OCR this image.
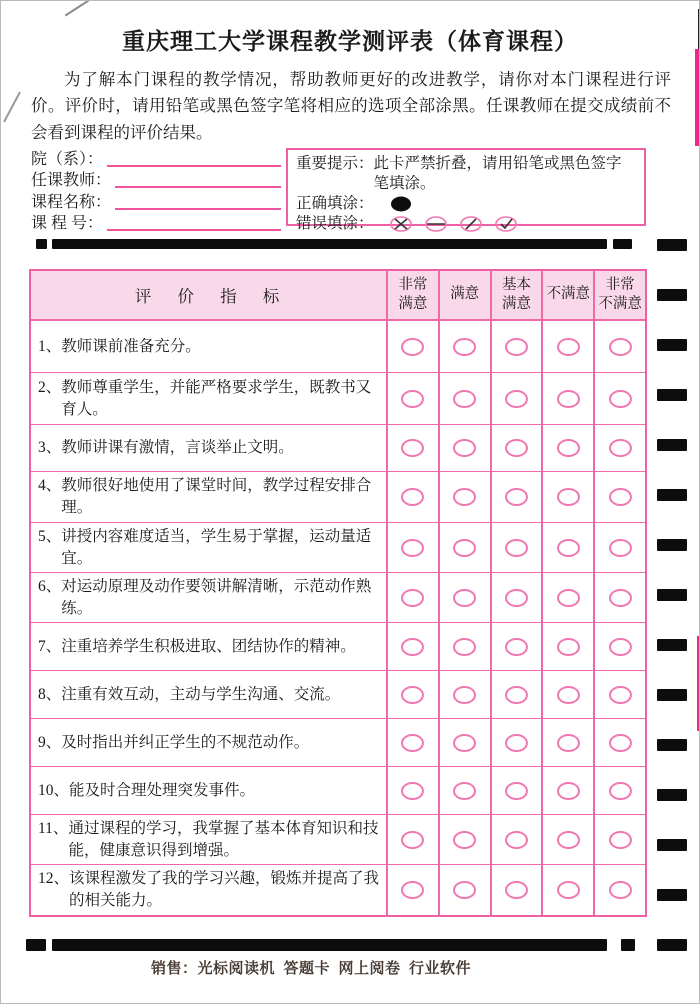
重庆理工大学课程教学测评表（体育课程）
为了解本门课程的教学情况，帮助教师更好的改进教学，请你对本门课程进行评价。评价时，请用铅笔或黑色签字笔将相应的选项全部涂黑。任课教师在提交成绩前不会看到课程的评价结果。
院（系）：
任课教师：
课程名称：
课 程 号：
重要提示： 此卡严禁折叠，请用铅笔或黑色签字笔填涂。
正确填涂：
错误填涂：
评 价 指 标
非常
满意
满意
基本
满意
不满意
非常
不满意
1、 教师课前准备充分。
2、 教师尊重学生，并能严格要求学生，既教书又育人。
3、 教师讲课有激情，言谈举止文明。
4、 教师很好地使用了课堂时间，教学过程安排合理。
5、 讲授内容难度适当，学生易于掌握，运动量适宜。
6、 对运动原理及动作要领讲解清晰，示范动作熟练。
7、 注重培养学生积极进取、团结协作的精神。
8、 注重有效互动，主动与学生沟通、交流。
9、 及时指出并纠正学生的不规范动作。
10、 能及时合理处理突发事件。
11、 通过课程的学习，我掌握了基本体育知识和技能，健康意识得到增强。
12、 该课程激发了我的学习兴趣，锻炼并提高了我的相关能力。
销售：光标阅读机  答题卡  网上阅卷  行业软件
